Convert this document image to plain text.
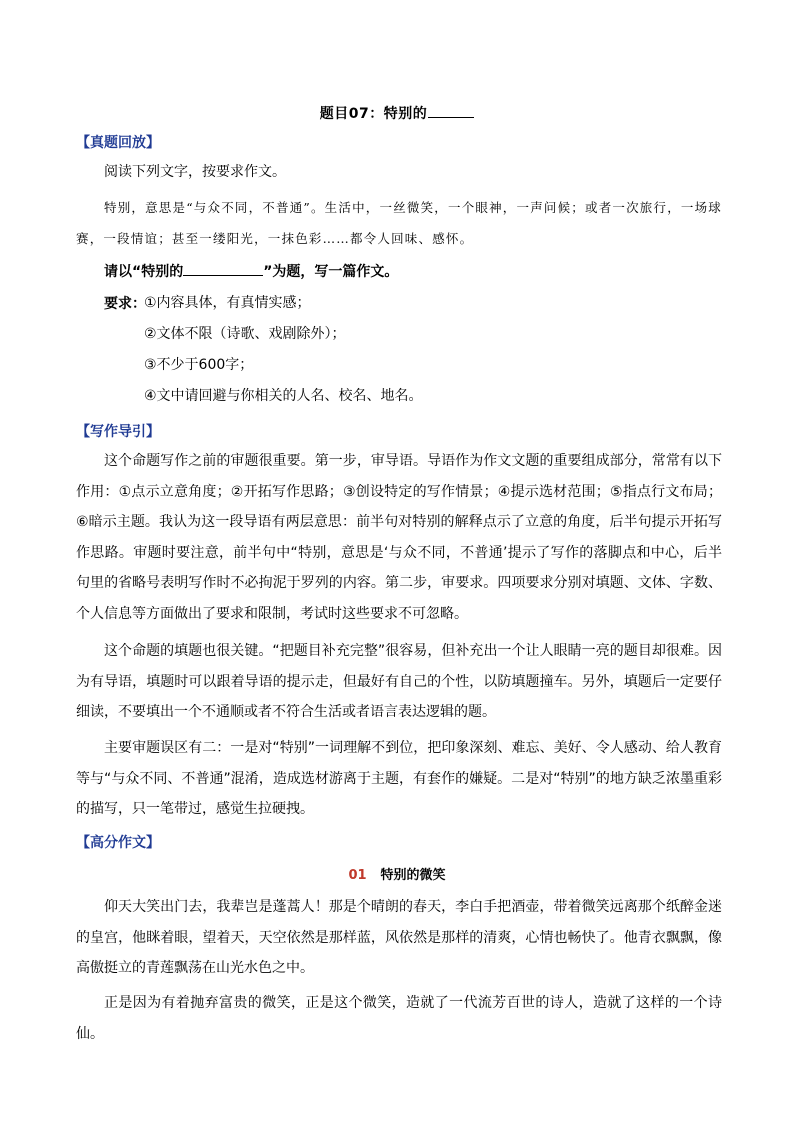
题目07：特别的
【真题回放】
阅读下列文字，按要求作文。
特别，意思是“与众不同，不普通”。生活中，一丝微笑，一个眼神，一声问候；或者一次旅行，一场球赛，一段情谊；甚至一缕阳光，一抹色彩……都令人回味、感怀。
请以“特别的	”为题，写一篇作文。
要求：
①内容具体，有真情实感；
②文体不限（诗歌、戏剧除外）；
③不少于600字；
④文中请回避与你相关的人名、校名、地名。
【写作导引】
这个命题写作之前的审题很重要。第一步，审导语。导语作为作文文题的重要组成部分，常常有以下作用：①点示立意角度；②开拓写作思路；③创设特定的写作情景；④提示选材范围；⑤指点行文布局；⑥暗示主题。我认为这一段导语有两层意思：前半句对特别的解释点示了立意的角度，后半句提示开拓写作思路。审题时要注意，前半句中“特别，意思是‘与众不同，不普通’提示了写作的落脚点和中心，后半句里的省略号表明写作时不必拘泥于罗列的内容。第二步，审要求。四项要求分别对填题、文体、字数、个人信息等方面做出了要求和限制，考试时这些要求不可忽略。
这个命题的填题也很关键。“把题目补充完整”很容易，但补充出一个让人眼睛一亮的题目却很难。因为有导语，填题时可以跟着导语的提示走，但最好有自己的个性，以防填题撞车。另外，填题后一定要仔细读，不要填出一个不通顺或者不符合生活或者语言表达逻辑的题。
主要审题误区有二：一是对“特别”一词理解不到位，把印象深刻、难忘、美好、令人感动、给人教育等与“与众不同、不普通”混淆，造成选材游离于主题，有套作的嫌疑。二是对“特别”的地方缺乏浓墨重彩的描写，只一笔带过，感觉生拉硬拽。
【高分作文】
01 特别的微笑
仰天大笑出门去，我辈岂是蓬蒿人！那是个晴朗的春天，李白手把酒壶，带着微笑远离那个纸醉金迷的皇宫，他眯着眼，望着天，天空依然是那样蓝，风依然是那样的清爽，心情也畅快了。他青衣飘飘，像高傲挺立的青莲飘荡在山光水色之中。
正是因为有着抛弃富贵的微笑，正是这个微笑，造就了一代流芳百世的诗人，造就了这样的一个诗仙。
